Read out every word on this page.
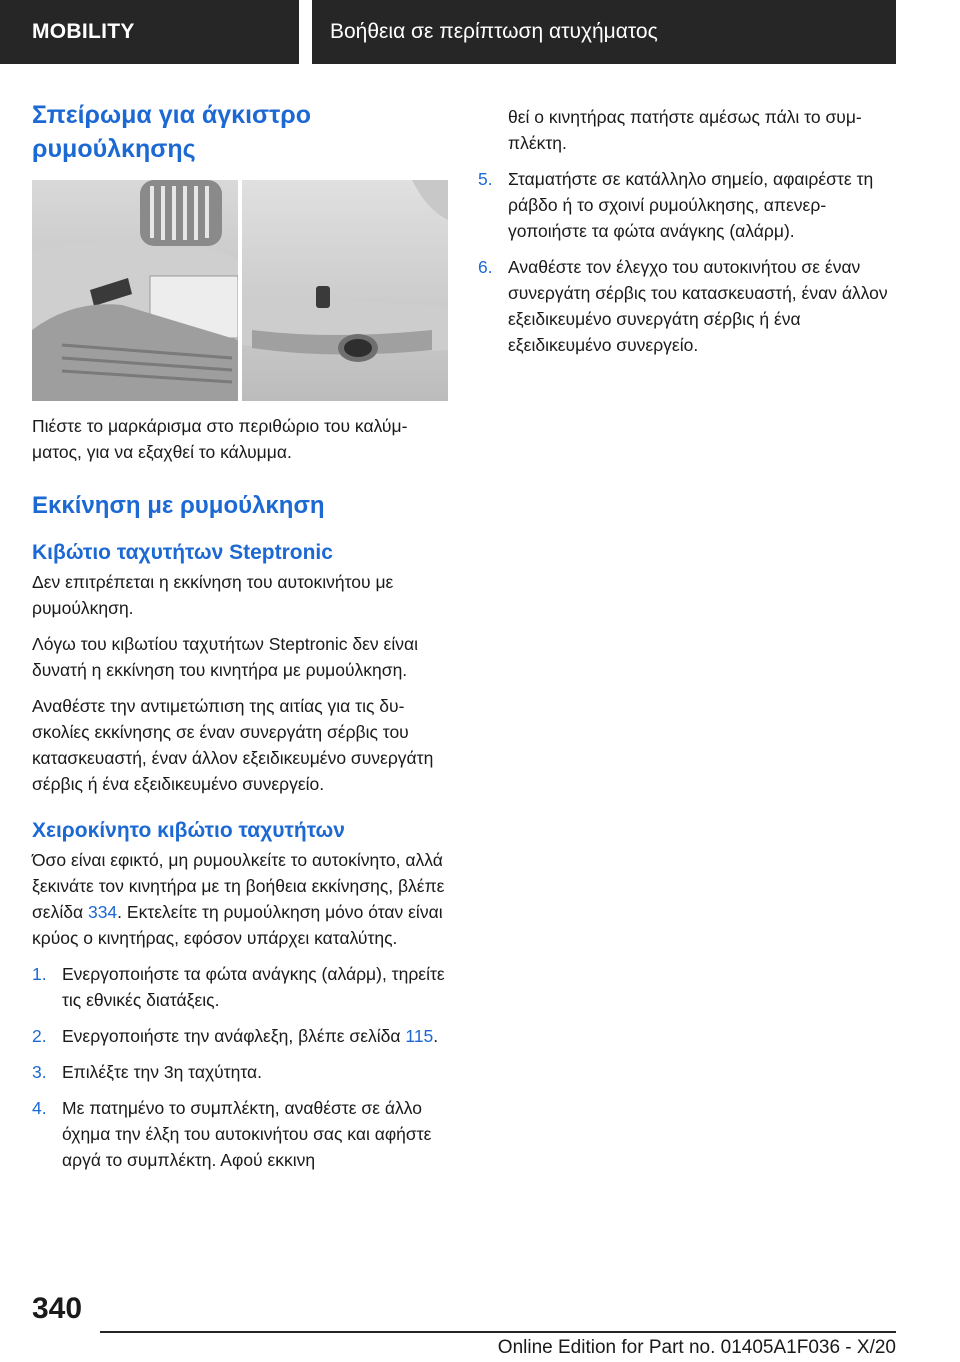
MOBILITY	Βοήθεια σε περίπτωση ατυχήματος
Σπείρωμα για άγκιστρο ρυμούλκησης

Πιέστε το μαρκάρισμα στο περιθώριο του καλύμματος, για να εξαχθεί το κάλυμμα.

Εκκίνηση με ρυμούλκηση
Κιβώτιο ταχυτήτων Steptronic

Δεν επιτρέπεται η εκκίνηση του αυτοκινήτου με ρυμούλκηση.

Λόγω του κιβωτίου ταχυτήτων Steptronic δεν είναι δυνατή η εκκίνηση του κινητήρα με ρυμούλκηση.

Αναθέστε την αντιμετώπιση της αιτίας για τις δυσκολίες εκκίνησης σε έναν συνεργάτη σέρβις του κατασκευαστή, έναν άλλον εξειδικευμένο συνεργάτη σέρβις ή ένα εξειδικευμένο συνεργείο.

Χειροκίνητο κιβώτιο ταχυτήτων

Όσο είναι εφικτό, μη ρυμουλκείτε το αυτοκίνητο, αλλά ξεκινάτε τον κινητήρα με τη βοήθεια εκκίνησης, βλέπε σελίδα 334. Εκτελείτε τη ρυμούλκηση μόνο όταν είναι κρύος ο κινητήρας, εφόσον υπάρχει καταλύτης.

1. Ενεργοποιήστε τα φώτα ανάγκης (αλάρμ), τηρείτε τις εθνικές διατάξεις.
2. Ενεργοποιήστε την ανάφλεξη, βλέπε σελίδα 115.
3. Επιλέξτε την 3η ταχύτητα.
4. Με πατημένο το συμπλέκτη, αναθέστε σε άλλο όχημα την έλξη του αυτοκινήτου σας και αφήστε αργά το συμπλέκτη. Αφού εκκινη
θεί ο κινητήρας πατήστε αμέσως πάλι το συμπλέκτη.
5. Σταματήστε σε κατάλληλο σημείο, αφαιρέστε τη ράβδο ή το σχοινί ρυμούλκησης, απενεργοποιήστε τα φώτα ανάγκης (αλάρμ).
6. Αναθέστε τον έλεγχο του αυτοκινήτου σε έναν συνεργάτη σέρβις του κατασκευαστή, έναν άλλον εξειδικευμένο συνεργάτη σέρβις ή ένα εξειδικευμένο συνεργείο.
340
Online Edition for Part no. 01405A1F036 - X/20
